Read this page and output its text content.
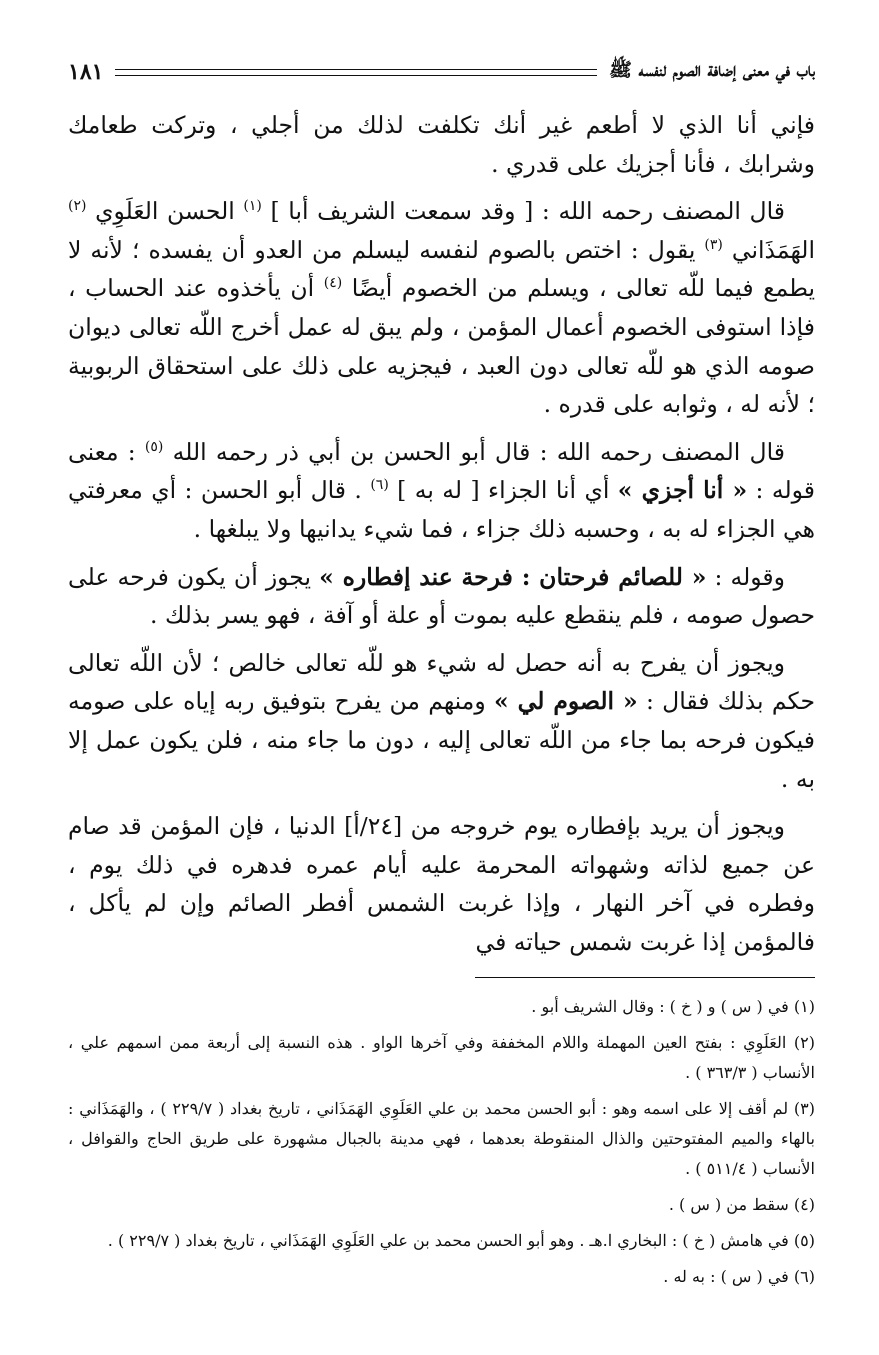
باب في معنى إضافة الصوم لنفسه ﷺ
١٨١

فإني أنا الذي لا أطعم غير أنك تكلفت لذلك من أجلي ، وتركت طعامك وشرابك ، فأنا أجزيك على قدري .

قال المصنف رحمه الله : [ وقد سمعت الشريف أبا ] $^{(١)}$ الحسن العَلَوِي $^{(٢)}$ الهَمَذَاني $^{(٣)}$ يقول : اختص بالصوم لنفسه ليسلم من العدو أن يفسده ؛ لأنه لا يطمع فيما للّه تعالى ، ويسلم من الخصوم أيضًا $^{(٤)}$ أن يأخذوه عند الحساب ، فإذا استوفى الخصوم أعمال المؤمن ، ولم يبق له عمل أخرج اللّه تعالى ديوان صومه الذي هو للّه تعالى دون العبد ، فيجزيه على ذلك على استحقاق الربوبية ؛ لأنه له ، وثوابه على قدره .

قال المصنف رحمه الله : قال أبو الحسن بن أبي ذر رحمه الله $^{(٥)}$ : معنى قوله : « أنا أجزي » أي أنا الجزاء [ له به ] $^{(٦)}$ . قال أبو الحسن : أي معرفتي هي الجزاء له به ، وحسبه ذلك جزاء ، فما شيء يدانيها ولا يبلغها .

وقوله : « للصائم فرحتان : فرحة عند إفطاره » يجوز أن يكون فرحه على حصول صومه ، فلم ينقطع عليه بموت أو علة أو آفة ، فهو يسر بذلك .

ويجوز أن يفرح به أنه حصل له شيء هو للّه تعالى خالص ؛ لأن اللّه تعالى حكم بذلك فقال : « الصوم لي » ومنهم من يفرح بتوفيق ربه إياه على صومه فيكون فرحه بما جاء من اللّه تعالى إليه ، دون ما جاء منه ، فلن يكون عمل إلا به .

ويجوز أن يريد بإفطاره يوم خروجه من [٢٤/أ] الدنيا ، فإن المؤمن قد صام عن جميع لذاته وشهواته المحرمة عليه أيام عمره فدهره في ذلك يوم ، وفطره في آخر النهار ، وإذا غربت الشمس أفطر الصائم وإن لم يأكل ، فالمؤمن إذا غربت شمس حياته في

(١) في ( س ) و ( خ ) : وقال الشريف أبو .

(٢) العَلَوِي : بفتح العين المهملة واللام المخففة وفي آخرها الواو . هذه النسبة إلى أربعة ممن اسمهم علي ، الأنساب ( ٣٦٣/٣ ) .

(٣) لم أقف إلا على اسمه وهو : أبو الحسن محمد بن علي العَلَوِي الهَمَذَاني ، تاريخ بغداد ( ٢٢٩/٧ ) ، والهَمَذَاني : بالهاء والميم المفتوحتين والذال المنقوطة بعدهما ، فهي مدينة بالجبال مشهورة على طريق الحاج والقوافل ، الأنساب ( ٥١١/٤ ) .

(٤) سقط من ( س ) .

(٥) في هامش ( خ ) : البخاري ا.هـ . وهو أبو الحسن محمد بن علي العَلَوِي الهَمَذَاني ، تاريخ بغداد ( ٢٢٩/٧ ) .

(٦) في ( س ) : به له .
